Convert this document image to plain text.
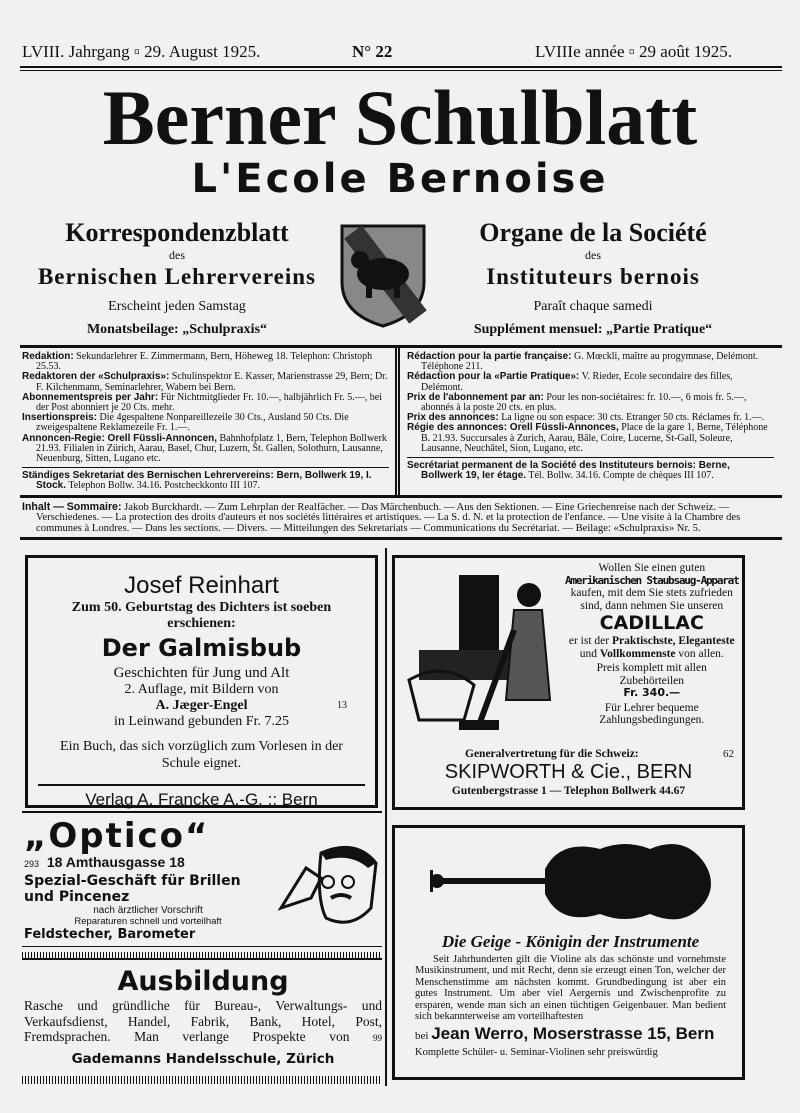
LVIII. Jahrgang ▫ 29. August 1925.	N° 22	LVIIIe année ▫ 29 août 1925.
Berner Schulblatt
L'Ecole Bernoise
Korrespondenzblatt
des
Bernischen Lehrervereins
Erscheint jeden Samstag
Monatsbeilage: „Schulpraxis“
Organe de la Société
des
Instituteurs bernois
Paraît chaque samedi
Supplément mensuel: „Partie Pratique“

Redaktion: Sekundarlehrer E. Zimmermann, Bern, Höheweg 18. Telephon: Christoph 25.53.

Redaktoren der «Schulpraxis»: Schulinspektor E. Kasser, Marienstrasse 29, Bern; Dr. F. Kilchenmann, Seminarlehrer, Wabern bei Bern.

Abonnementspreis per Jahr: Für Nichtmitglieder Fr. 10.—, halbjährlich Fr. 5.—, bei der Post abonniert je 20 Cts. mehr.

Insertionspreis: Die 4gespaltene Nonpareillezeile 30 Cts., Ausland 50 Cts. Die zweigespaltene Reklamezeile Fr. 1.—.

Annoncen-Regie: Orell Füssli-Annoncen, Bahnhofplatz 1, Bern, Telephon Bollwerk 21.93. Filialen in Zürich, Aarau, Basel, Chur, Luzern, St. Gallen, Solothurn, Lausanne, Neuenburg, Sitten, Lugano etc.

Ständiges Sekretariat des Bernischen Lehrervereins: Bern, Bollwerk 19, I. Stock. Telephon Bollw. 34.16. Postcheckkonto III 107.

Rédaction pour la partie française: G. Mœckli, maître au progymnase, Delémont. Téléphone 211.

Rédaction pour la «Partie Pratique»: V. Rieder, Ecole secondaire des filles, Delémont.

Prix de l'abonnement par an: Pour les non-sociétaires: fr. 10.—, 6 mois fr. 5.—, abonnés à la poste 20 cts. en plus.

Prix des annonces: La ligne ou son espace: 30 cts. Etranger 50 cts. Réclames fr. 1.—.

Régie des annonces: Orell Füssli-Annonces, Place de la gare 1, Berne, Téléphone B. 21.93. Succursales à Zurich, Aarau, Bâle, Coire, Lucerne, St-Gall, Soleure, Lausanne, Neuchâtel, Sion, Lugano, etc.

Secrétariat permanent de la Société des Instituteurs bernois: Berne, Bollwerk 19, Ier étage. Tél. Bollw. 34.16. Compte de chèques III 107.

Inhalt — Sommaire: Jakob Burckhardt. — Zum Lehrplan der Realfächer. — Das Märchenbuch. — Aus den Sektionen. — Eine Griechenreise nach der Schweiz. — Verschiedenes. — La protection des droits d'auteurs et nos sociétés littéraires et artistiques. — La S. d. N. et la protection de l'enfance. — Une visite à la Chambre des communes à Londres. — Dans les sections. — Divers. — Mitteilungen des Sekretariats — Communications du Secrétariat. — Beilage: «Schulpraxis» Nr. 5.

Josef Reinhart
Zum 50. Geburtstag des Dichters ist soeben erschienen:
Der Galmisbub
Geschichten für Jung und Alt
2. Auflage, mit Bildern von
A. Jæger-Engel	13
in Leinwand gebunden Fr. 7.25
Ein Buch, das sich vorzüglich zum Vorlesen in der Schule eignet.
Verlag A. Francke A.-G. :: Bern
Wollen Sie einen guten
Amerikanischen Staubsaug-Apparat
kaufen, mit dem Sie stets zufrieden sind, dann nehmen Sie unseren
CADILLAC
er ist der Praktischste, Eleganteste und Vollkommenste von allen.
Preis komplett mit allen Zubehörteilen
Fr. 340.—
Für Lehrer bequeme Zahlungsbedingungen.
Generalvertretung für die Schweiz:	62
SKIPWORTH & Cie., BERN
Gutenbergstrasse 1 — Telephon Bollwerk 44.67
„Optico“
293 18 Amthausgasse 18
Spezial-Geschäft für Brillen und Pincenez
nach ärztlicher Vorschrift
Reparaturen schnell und vorteilhaft
Feldstecher, Barometer
Ausbildung
Rasche und gründliche für Bureau-, Verwaltungs- und Verkaufsdienst, Handel, Fabrik, Bank, Hotel, Post, Fremdsprachen. Man verlange Prospekte von	99
Gademanns Handelsschule, Zürich
Die Geige - Königin der Instrumente
Seit Jahrhunderten gilt die Violine als das schönste und vornehmste Musikinstrument, und mit Recht, denn sie erzeugt einen Ton, welcher der Menschenstimme am nächsten kommt. Grundbedingung ist aber ein gutes Instrument. Um aber viel Aergernis und Zwischenprofite zu ersparen, wende man sich an einen tüchtigen Geigenbauer. Man bedient sich bekannterweise am vorteilhaftesten
bei Jean Werro, Moserstrasse 15, Bern
Komplette Schüler- u. Seminar-Violinen sehr preiswürdig
